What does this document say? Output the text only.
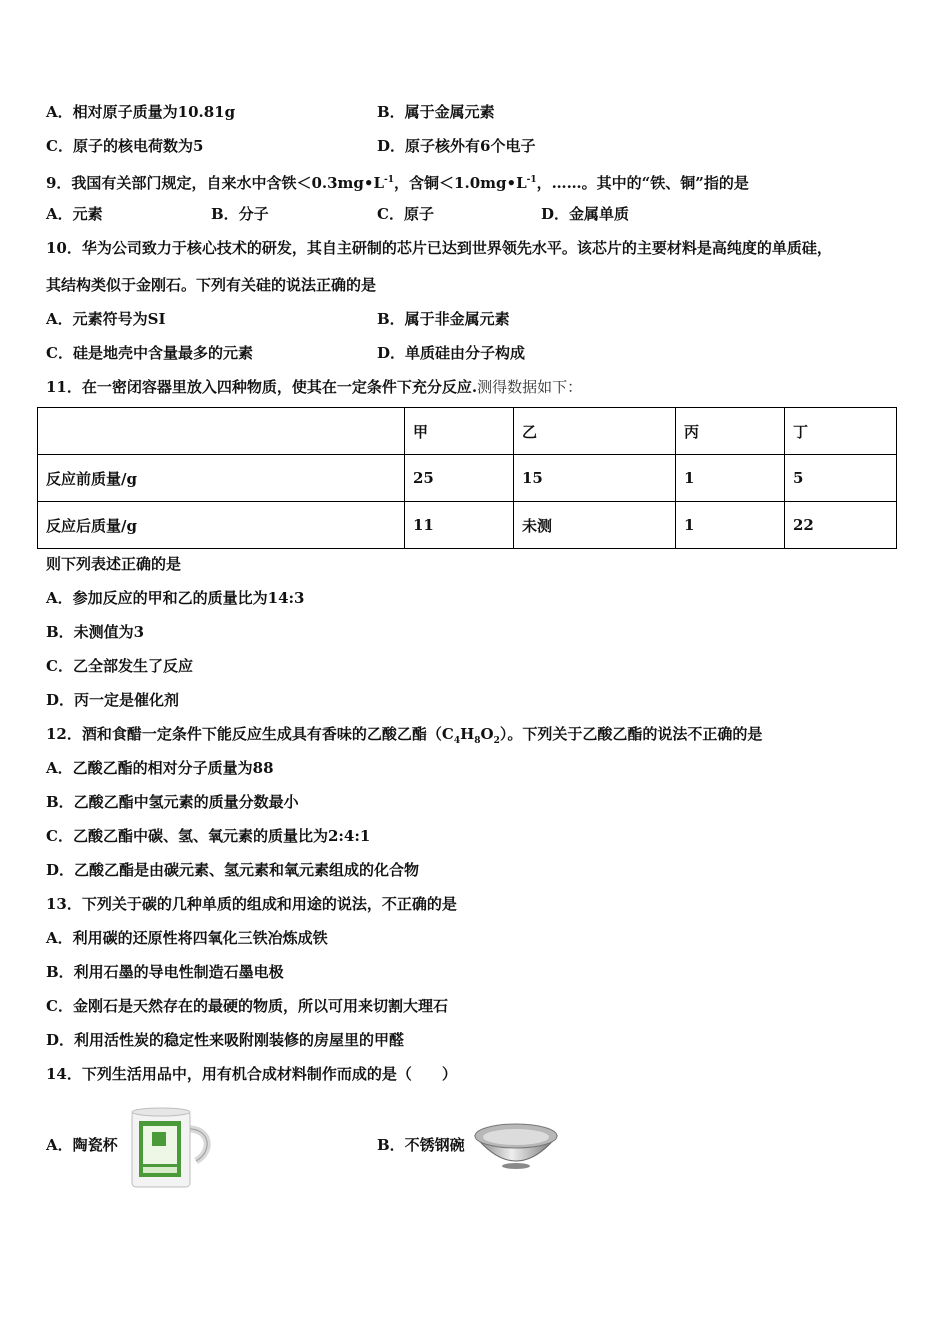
A．相对原子质量为10.81g	B．属于金属元素
C．原子的核电荷数为5	D．原子核外有6个电子
9．我国有关部门规定，自来水中含铁$<0.3mg•L^{-1}$，含铜$<1.0mg•L^{-1}$，……。其中的“铁、铜”指的是
A．元素	B．分子	C．原子	D．金属单质
10．华为公司致力于核心技术的研发，其自主研制的芯片已达到世界领先水平。该芯片的主要材料是高纯度的单质硅，
其结构类似于金刚石。下列有关硅的说法正确的是
A．元素符号为SI	B．属于非金属元素
C．硅是地壳中含量最多的元素	D．单质硅由分子构成
11．在一密闭容器里放入四种物质，使其在一定条件下充分反应.测得数据如下：
	甲	乙	丙	丁
反应前质量/g	25	15	1	5
反应后质量/g	11	未测	1	22
则下列表述正确的是
A．参加反应的甲和乙的质量比为14:3
B．未测值为3
C．乙全部发生了反应
D．丙一定是催化剂
12．酒和食醋一定条件下能反应生成具有香味的乙酸乙酯$(C_4H_8O_2)$。下列关于乙酸乙酯的说法不正确的是
A．乙酸乙酯的相对分子质量为88
B．乙酸乙酯中氢元素的质量分数最小
C．乙酸乙酯中碳、氢、氧元素的质量比为2:4:1
D．乙酸乙酯是由碳元素、氢元素和氧元素组成的化合物
13．下列关于碳的几种单质的组成和用途的说法，不正确的是
A．利用碳的还原性将四氧化三铁冶炼成铁
B．利用石墨的导电性制造石墨电极
C．金刚石是天然存在的最硬的物质，所以可用来切割大理石
D．利用活性炭的稳定性来吸附刚装修的房屋里的甲醛
14．下列生活用品中，用有机合成材料制作而成的是（　　）
A．陶瓷杯	B．不锈钢碗
